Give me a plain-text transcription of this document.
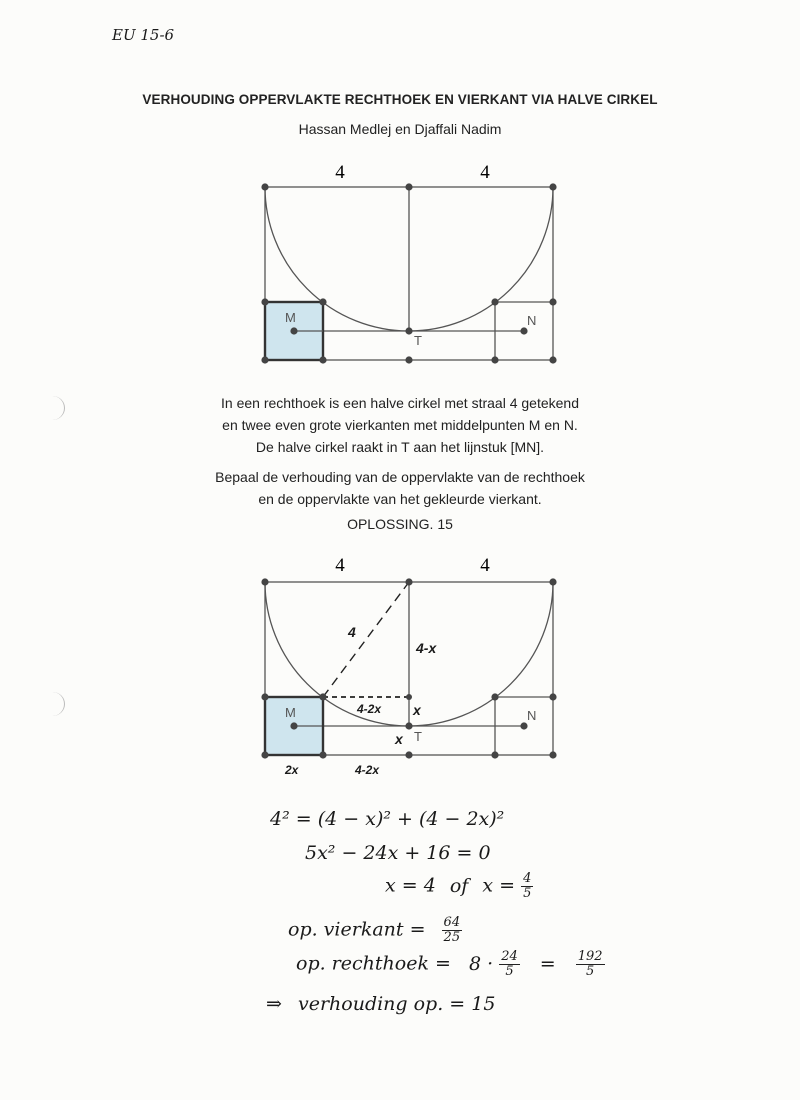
EU 15-6
VERHOUDING OPPERVLAKTE RECHTHOEK EN VIERKANT VIA HALVE CIRKEL
Hassan Medlej en Djaffali Nadim
4	4
M	N
T

In een rechthoek is een halve cirkel met straal 4 getekend
en twee even grote vierkanten met middelpunten M en N.
De halve cirkel raakt in T aan het lijnstuk [MN].

Bepaal de verhouding van de oppervlakte van de rechthoek
en de oppervlakte van het gekleurde vierkant.

OPLOSSING. 15
4	4
M	N
T
4
4-x
4-2x x
x
2x	4-2x
4² = (4 − x)² + (4 − 2x)²
5x² − 24x + 16 = 0
x = 4 of $x = \frac{4}{5}$
op. vierkant = $\frac{64}{25}$
op. rechthoek = $8 \cdot \frac{24}{5} = \frac{192}{5}$
⇒ verhouding op. = 15
